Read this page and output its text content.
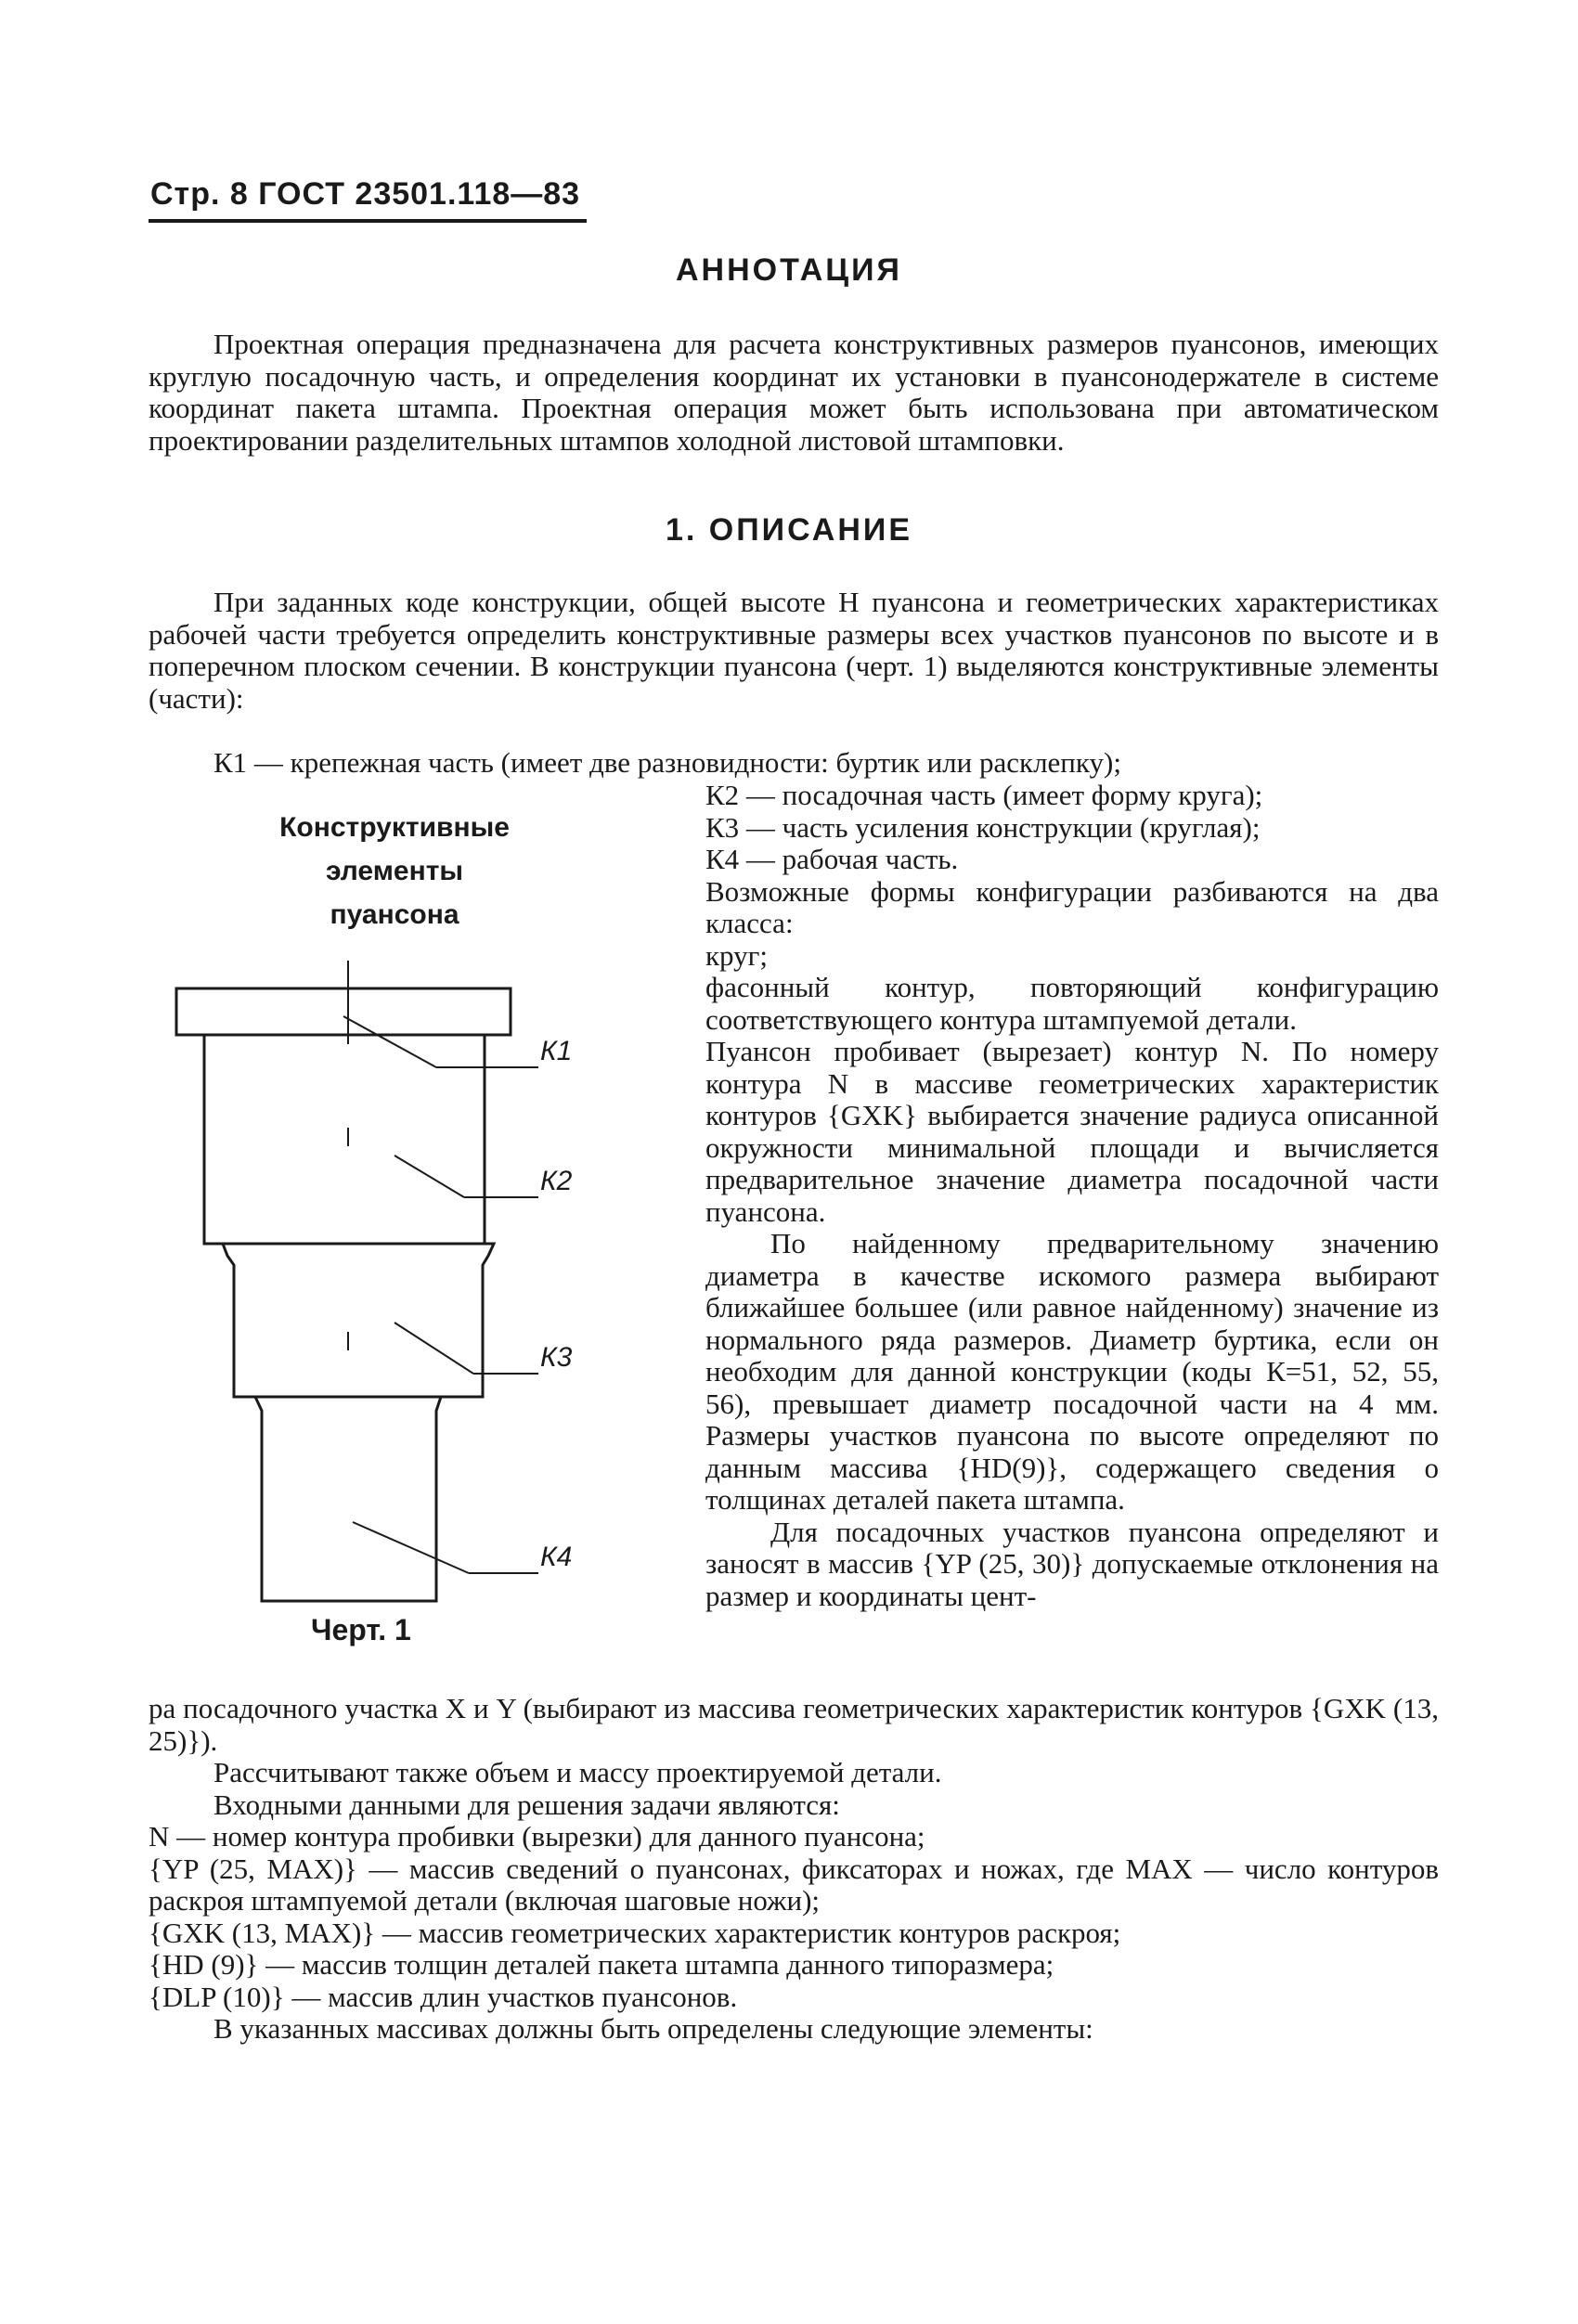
Стр. 8 ГОСТ 23501.118—83
АННОТАЦИЯ

Проектная операция предназначена для расчета конструктивных размеров пуансонов, имеющих круглую посадочную часть, и определения координат их установки в пуансонодержателе в системе координат пакета штампа. Проектная операция может быть использована при автоматическом проектировании разделительных штампов холодной листовой штамповки.

1. ОПИСАНИЕ

При заданных коде конструкции, общей высоте H пуансона и геометрических характеристиках рабочей части требуется определить конструктивные размеры всех участков пуансонов по высоте и в поперечном плоском сечении. В конструкции пуансона (черт. 1) выделяются конструктивные элементы (части):

К1 — крепежная часть (имеет две разновидности: буртик или расклепку);
Конструктивные
элементы
пуансона
К1
К2
К3
К4
Черт. 1

К2 — посадочная часть (имеет форму круга);

К3 — часть усиления конструкции (круглая);

К4 — рабочая часть.

Возможные формы конфигурации разбиваются на два класса:

круг;

фасонный контур, повторяющий конфигурацию соответствующего контура штампуемой детали.

Пуансон пробивает (вырезает) контур N. По номеру контура N в массиве геометрических характеристик контуров {GXK} выбирается значение радиуса описанной окружности минимальной площади и вычисляется предварительное значение диаметра посадочной части пуансона.

По найденному предварительному значению диаметра в качестве искомого размера выбирают ближайшее большее (или равное найденному) значение из нормального ряда размеров. Диаметр буртика, если он необходим для данной конструкции (коды К=51, 52, 55, 56), превышает диаметр посадочной части на 4 мм. Размеры участков пуансона по высоте определяют по данным массива {HD(9)}, содержащего сведения о толщинах деталей пакета штампа.

Для посадочных участков пуансона определяют и заносят в массив {YP (25, 30)} допускаемые отклонения на размер и координаты цент-

ра посадочного участка X и Y (выбирают из массива геометрических характеристик контуров {GXK (13, 25)}).

Рассчитывают также объем и массу проектируемой детали.

Входными данными для решения задачи являются:

N — номер контура пробивки (вырезки) для данного пуансона;

{YP (25, MAX)} — массив сведений о пуансонах, фиксаторах и ножах, где MAX — число контуров раскроя штампуемой детали (включая шаговые ножи);

{GXK (13, MAX)} — массив геометрических характеристик контуров раскроя;

{HD (9)} — массив толщин деталей пакета штампа данного типоразмера;

{DLP (10)} — массив длин участков пуансонов.

В указанных массивах должны быть определены следующие элементы:
